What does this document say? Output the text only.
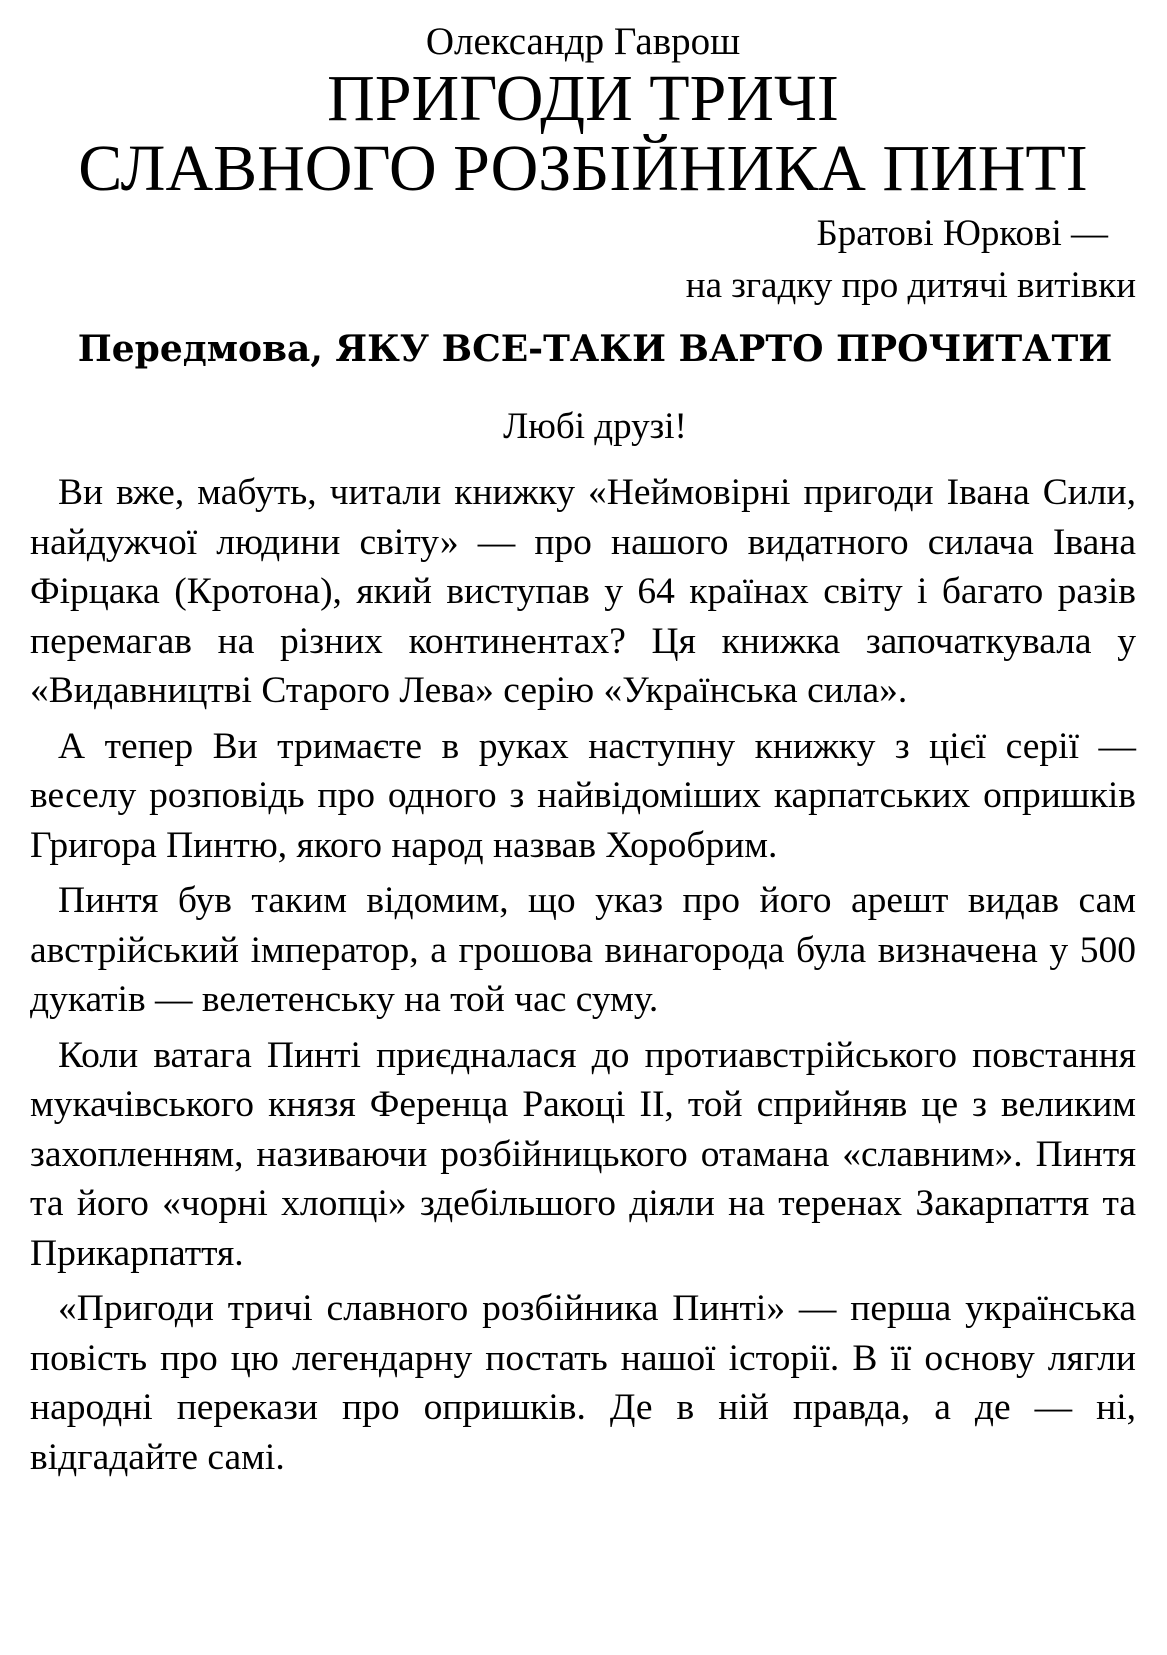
Олександр Гаврош

ПРИГОДИ ТРИЧІ
СЛАВНОГО РОЗБІЙНИКА ПИНТІ
Братові Юркові —
на згадку про дитячі витівки
Передмова, ЯКУ ВСЕ-ТАКИ ВАРТО ПРОЧИТАТИ

Любі друзі!

Ви вже, мабуть, читали книжку «Неймовірні пригоди Івана Сили, найдужчої людини світу» — про нашого видатного силача Івана Фірцака (Кротона), який виступав у 64 країнах світу і багато разів перемагав на різних континентах? Ця книжка започаткувала у «Видавництві Старого Лева» серію «Українська сила».

А тепер Ви тримаєте в руках наступну книжку з цієї серії — веселу розповідь про одного з найвідоміших карпатських опришків Григора Пинтю, якого народ назвав Хоробрим.

Пинтя був таким відомим, що указ про його арешт видав сам австрійський імператор, а грошова винагорода була визначена у 500 дукатів — велетенську на той час суму.

Коли ватага Пинті приєдналася до протиавстрійського повстання мукачівського князя Ференца Ракоці II, той сприйняв це з великим захопленням, називаючи розбійницького отамана «славним». Пинтя та його «чорні хлопці» здебільшого діяли на теренах Закарпаття та Прикарпаття.

«Пригоди тричі славного розбійника Пинті» — перша українська повість про цю легендарну постать нашої історії. В її основу лягли народні перекази про опришків. Де в ній правда, а де — ні, відгадайте самі.
